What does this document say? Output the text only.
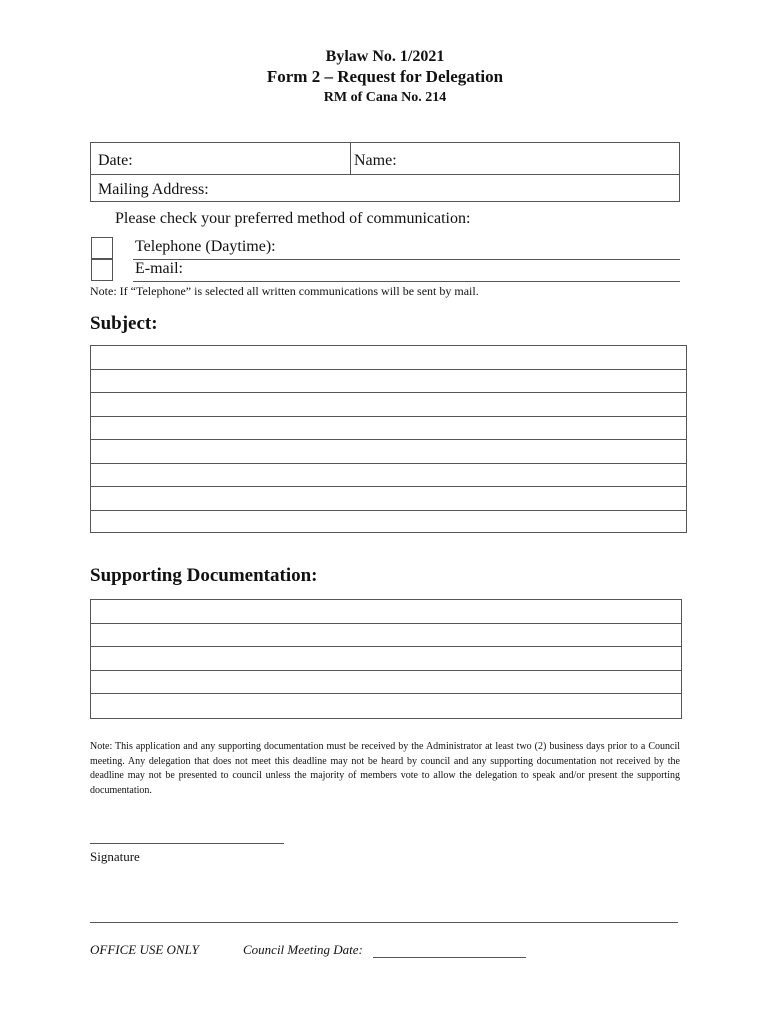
Bylaw No. 1/2021
Form 2 – Request for Delegation
RM of Cana No. 214
Date:	Name:
Mailing Address:
Please check your preferred method of communication:
Telephone (Daytime):
E-mail:
Note: If “Telephone” is selected all written communications will be sent by mail.
Subject:
Supporting Documentation:
Note: This application and any supporting documentation must be received by the Administrator at least two (2) business days prior to a Council meeting. Any delegation that does not meet this deadline may not be heard by council and any supporting documentation not received by the deadline may not be presented to council unless the majority of members vote to allow the delegation to speak and/or present the supporting documentation.
Signature
OFFICE USE ONLY	Council Meeting Date:
